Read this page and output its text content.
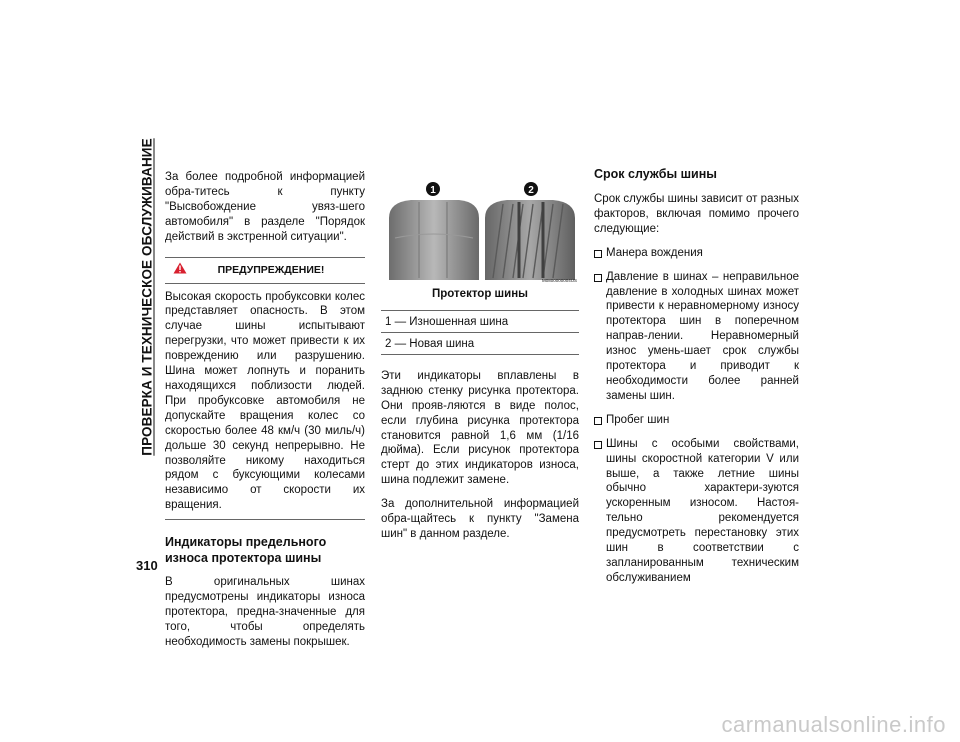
ПРОВЕРКА И ТЕХНИЧЕСКОЕ ОБСЛУЖИВАНИЕ
310

За более подробной информацией обра-титесь к пункту "Высвобождение увяз-шего автомобиля" в разделе "Порядок действий в экстренной ситуации".

ПРЕДУПРЕЖДЕНИЕ!
Высокая скорость пробуксовки колес представляет опасность. В этом случае шины испытывают перегрузки, что может привести к их повреждению или разрушению. Шина может лопнуть и поранить находящихся поблизости людей. При пробуксовке автомобиля не допускайте вращения колес со скоростью более 48 км/ч (30 миль/ч) дольше 30 секунд непрерывно. Не позволяйте никому находиться рядом с буксующими колесами независимо от скорости их вращения.
Индикаторы предельного износа протектора шины

В оригинальных шинах предусмотрены индикаторы износа протектора, предна-значенные для того, чтобы определять необходимость замены покрышек.

1	2
M0800000004US
Протектор шины
1 — Изношенная шина
2 — Новая шина

Эти индикаторы вплавлены в заднюю стенку рисунка протектора. Они прояв-ляются в виде полос, если глубина рисунка протектора становится равной 1,6 мм (1/16 дюйма). Если рисунок протектора стерт до этих индикаторов износа, шина подлежит замене.

За дополнительной информацией обра-щайтесь к пункту "Замена шин" в данном разделе.

Срок службы шины

Срок службы шины зависит от разных факторов, включая помимо прочего следующие:

Манера вождения
Давление в шинах – неправильное давление в холодных шинах может привести к неравномерному износу протектора шин в поперечном направ-лении. Неравномерный износ умень-шает срок службы протектора и приводит к необходимости более ранней замены шин.
Пробег шин
Шины с особыми свойствами, шины скоростной категории V или выше, а также летние шины обычно характери-зуются ускоренным износом. Настоя-тельно рекомендуется предусмотреть перестановку этих шин в соответствии с запланированным техническим обслуживанием
carmanualsonline.info
